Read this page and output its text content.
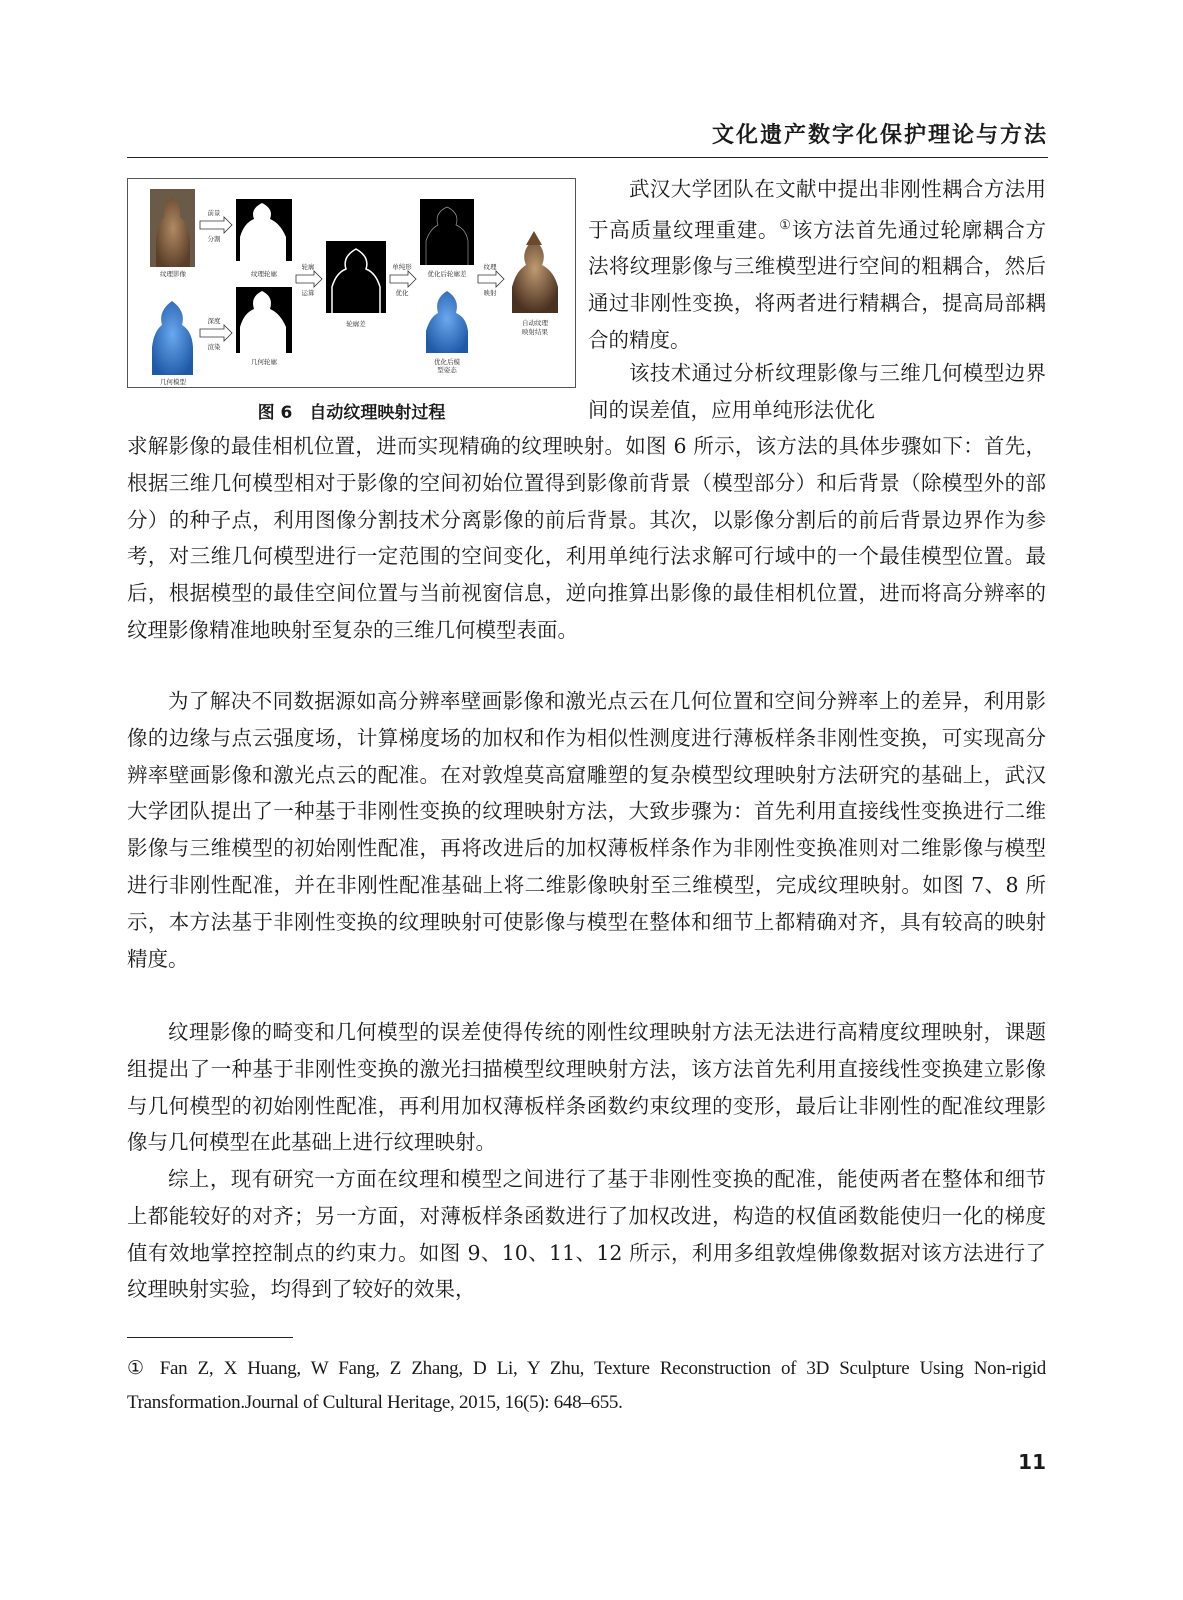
文化遗产数字化保护理论与方法
纹理影像
几何模型
前景
分割
深度
渲染
纹理轮廓
几何轮廓
轮廓
运算
轮廓差
单纯形
优化
优化后轮廓差
优化后模
型姿态
纹理
映射
自动纹理
映射结果
图 6　自动纹理映射过程

武汉大学团队在文献中提出非刚性耦合方法用于高质量纹理重建。①该方法首先通过轮廓耦合方法将纹理影像与三维模型进行空间的粗耦合，然后通过非刚性变换，将两者进行精耦合，提高局部耦合的精度。

该技术通过分析纹理影像与三维几何模型边界间的误差值，应用单纯形法优化

求解影像的最佳相机位置，进而实现精确的纹理映射。如图 6 所示，该方法的具体步骤如下：首先，根据三维几何模型相对于影像的空间初始位置得到影像前背景（模型部分）和后背景（除模型外的部分）的种子点，利用图像分割技术分离影像的前后背景。其次，以影像分割后的前后背景边界作为参考，对三维几何模型进行一定范围的空间变化，利用单纯行法求解可行域中的一个最佳模型位置。最后，根据模型的最佳空间位置与当前视窗信息，逆向推算出影像的最佳相机位置，进而将高分辨率的纹理影像精准地映射至复杂的三维几何模型表面。

为了解决不同数据源如高分辨率壁画影像和激光点云在几何位置和空间分辨率上的差异，利用影像的边缘与点云强度场，计算梯度场的加权和作为相似性测度进行薄板样条非刚性变换，可实现高分辨率壁画影像和激光点云的配准。在对敦煌莫高窟雕塑的复杂模型纹理映射方法研究的基础上，武汉大学团队提出了一种基于非刚性变换的纹理映射方法，大致步骤为：首先利用直接线性变换进行二维影像与三维模型的初始刚性配准，再将改进后的加权薄板样条作为非刚性变换准则对二维影像与模型进行非刚性配准，并在非刚性配准基础上将二维影像映射至三维模型，完成纹理映射。如图 7、8 所示，本方法基于非刚性变换的纹理映射可使影像与模型在整体和细节上都精确对齐，具有较高的映射精度。

纹理影像的畸变和几何模型的误差使得传统的刚性纹理映射方法无法进行高精度纹理映射，课题组提出了一种基于非刚性变换的激光扫描模型纹理映射方法，该方法首先利用直接线性变换建立影像与几何模型的初始刚性配准，再利用加权薄板样条函数约束纹理的变形，最后让非刚性的配准纹理影像与几何模型在此基础上进行纹理映射。

综上，现有研究一方面在纹理和模型之间进行了基于非刚性变换的配准，能使两者在整体和细节上都能较好的对齐；另一方面，对薄板样条函数进行了加权改进，构造的权值函数能使归一化的梯度值有效地掌控控制点的约束力。如图 9、10、11、12 所示，利用多组敦煌佛像数据对该方法进行了纹理映射实验，均得到了较好的效果，

① Fan Z, X Huang, W Fang, Z Zhang, D Li, Y Zhu, Texture Reconstruction of 3D Sculpture Using Non-rigid Transformation.Journal of Cultural Heritage, 2015, 16(5): 648–655.
11
